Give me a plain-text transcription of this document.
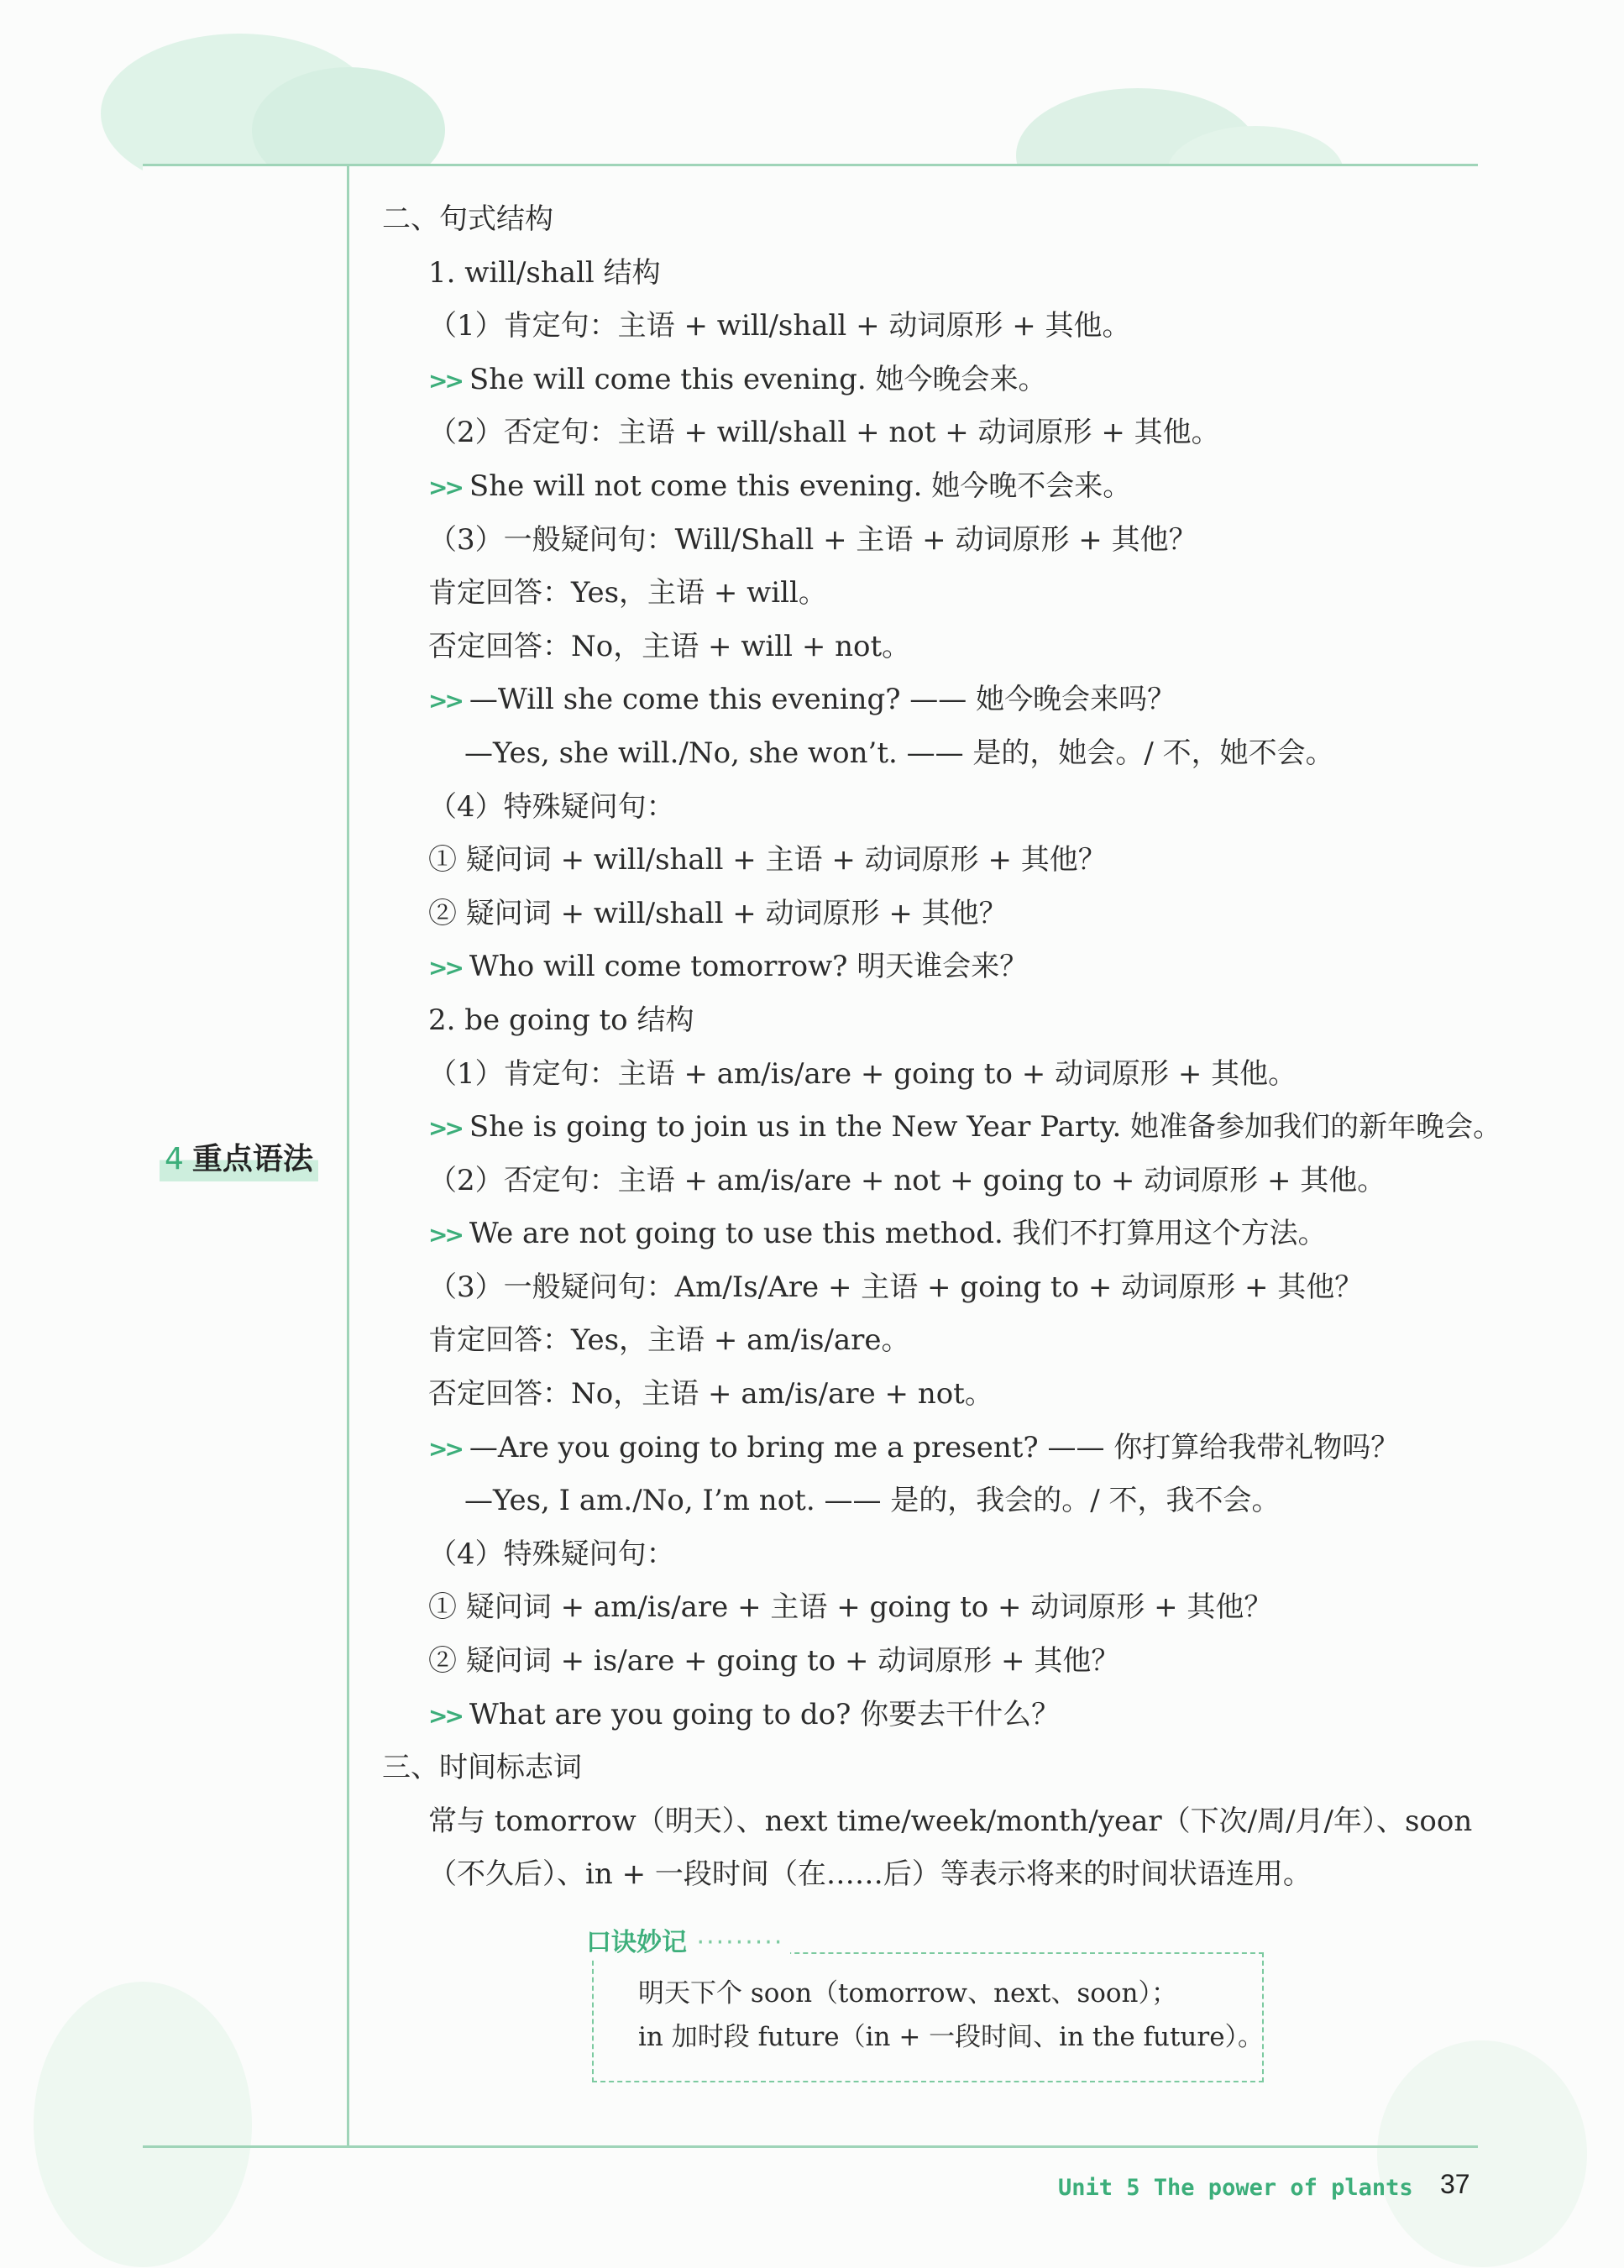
4 重点语法
二、句式结构
1. will/shall 结构
（1）肯定句：主语 + will/shall + 动词原形 + 其他。
>> She will come this evening. 她今晚会来。
（2）否定句：主语 + will/shall + not + 动词原形 + 其他。
>> She will not come this evening. 她今晚不会来。
（3）一般疑问句：Will/Shall + 主语 + 动词原形 + 其他？
肯定回答：Yes，主语 + will。
否定回答：No，主语 + will + not。
>> —Will she come this evening? —— 她今晚会来吗？
—Yes, she will./No, she won’t. —— 是的，她会。/ 不，她不会。
（4）特殊疑问句：
① 疑问词 + will/shall + 主语 + 动词原形 + 其他？
② 疑问词 + will/shall + 动词原形 + 其他？
>> Who will come tomorrow? 明天谁会来？
2. be going to 结构
（1）肯定句：主语 + am/is/are + going to + 动词原形 + 其他。
>> She is going to join us in the New Year Party. 她准备参加我们的新年晚会。
（2）否定句：主语 + am/is/are + not + going to + 动词原形 + 其他。
>> We are not going to use this method. 我们不打算用这个方法。
（3）一般疑问句：Am/Is/Are + 主语 + going to + 动词原形 + 其他？
肯定回答：Yes，主语 + am/is/are。
否定回答：No，主语 + am/is/are + not。
>> —Are you going to bring me a present? —— 你打算给我带礼物吗？
—Yes, I am./No, I’m not. —— 是的，我会的。/ 不，我不会。
（4）特殊疑问句：
① 疑问词 + am/is/are + 主语 + going to + 动词原形 + 其他？
② 疑问词 + is/are + going to + 动词原形 + 其他？
>> What are you going to do? 你要去干什么？
三、时间标志词
常与 tomorrow（明天）、next time/week/month/year（下次/周/月/年）、soon
（不久后）、in + 一段时间（在……后）等表示将来的时间状语连用。
口诀妙记 ·········
明天下个 soon（tomorrow、next、soon）；
in 加时段 future（in + 一段时间、in the future）。
Unit 5 The power of plants 37
